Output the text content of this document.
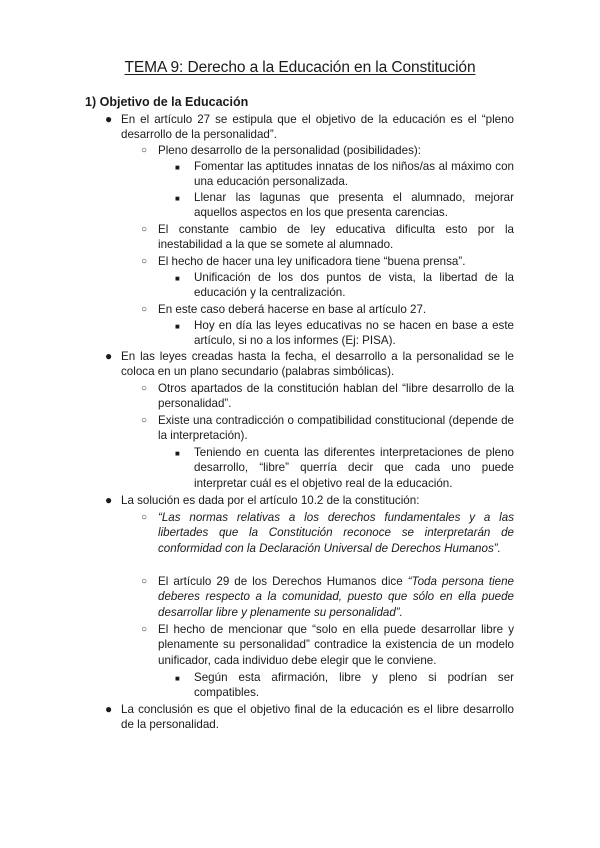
TEMA 9: Derecho a la Educación en la Constitución
1) Objetivo de la Educación
● En el artículo 27 se estipula que el objetivo de la educación es el “pleno desarrollo de la personalidad”.
○ Pleno desarrollo de la personalidad (posibilidades):
■ Fomentar las aptitudes innatas de los niños/as al máximo con una educación personalizada.
■ Llenar las lagunas que presenta el alumnado, mejorar aquellos aspectos en los que presenta carencias.
○ El constante cambio de ley educativa dificulta esto por la inestabilidad a la que se somete al alumnado.
○ El hecho de hacer una ley unificadora tiene “buena prensa”.
■ Unificación de los dos puntos de vista, la libertad de la educación y la centralización.
○ En este caso deberá hacerse en base al artículo 27.
■ Hoy en día las leyes educativas no se hacen en base a este artículo, si no a los informes (Ej: PISA).
● En las leyes creadas hasta la fecha, el desarrollo a la personalidad se le coloca en un plano secundario (palabras simbólicas).
○ Otros apartados de la constitución hablan del “libre desarrollo de la personalidad”.
○ Existe una contradicción o compatibilidad constitucional (depende de la interpretación).
■ Teniendo en cuenta las diferentes interpretaciones de pleno desarrollo, “libre” querría decir que cada uno puede interpretar cuál es el objetivo real de la educación.
● La solución es dada por el artículo 10.2 de la constitución:
○ “Las normas relativas a los derechos fundamentales y a las libertades que la Constitución reconoce se interpretarán de conformidad con la Declaración Universal de Derechos Humanos”.
○ El artículo 29 de los Derechos Humanos dice “Toda persona tiene deberes respecto a la comunidad, puesto que sólo en ella puede desarrollar libre y plenamente su personalidad”.
○ El hecho de mencionar que “solo en ella puede desarrollar libre y plenamente su personalidad” contradice la existencia de un modelo unificador, cada individuo debe elegir que le conviene.
■ Según esta afirmación, libre y pleno si podrían ser compatibles.
● La conclusión es que el objetivo final de la educación es el libre desarrollo de la personalidad.
